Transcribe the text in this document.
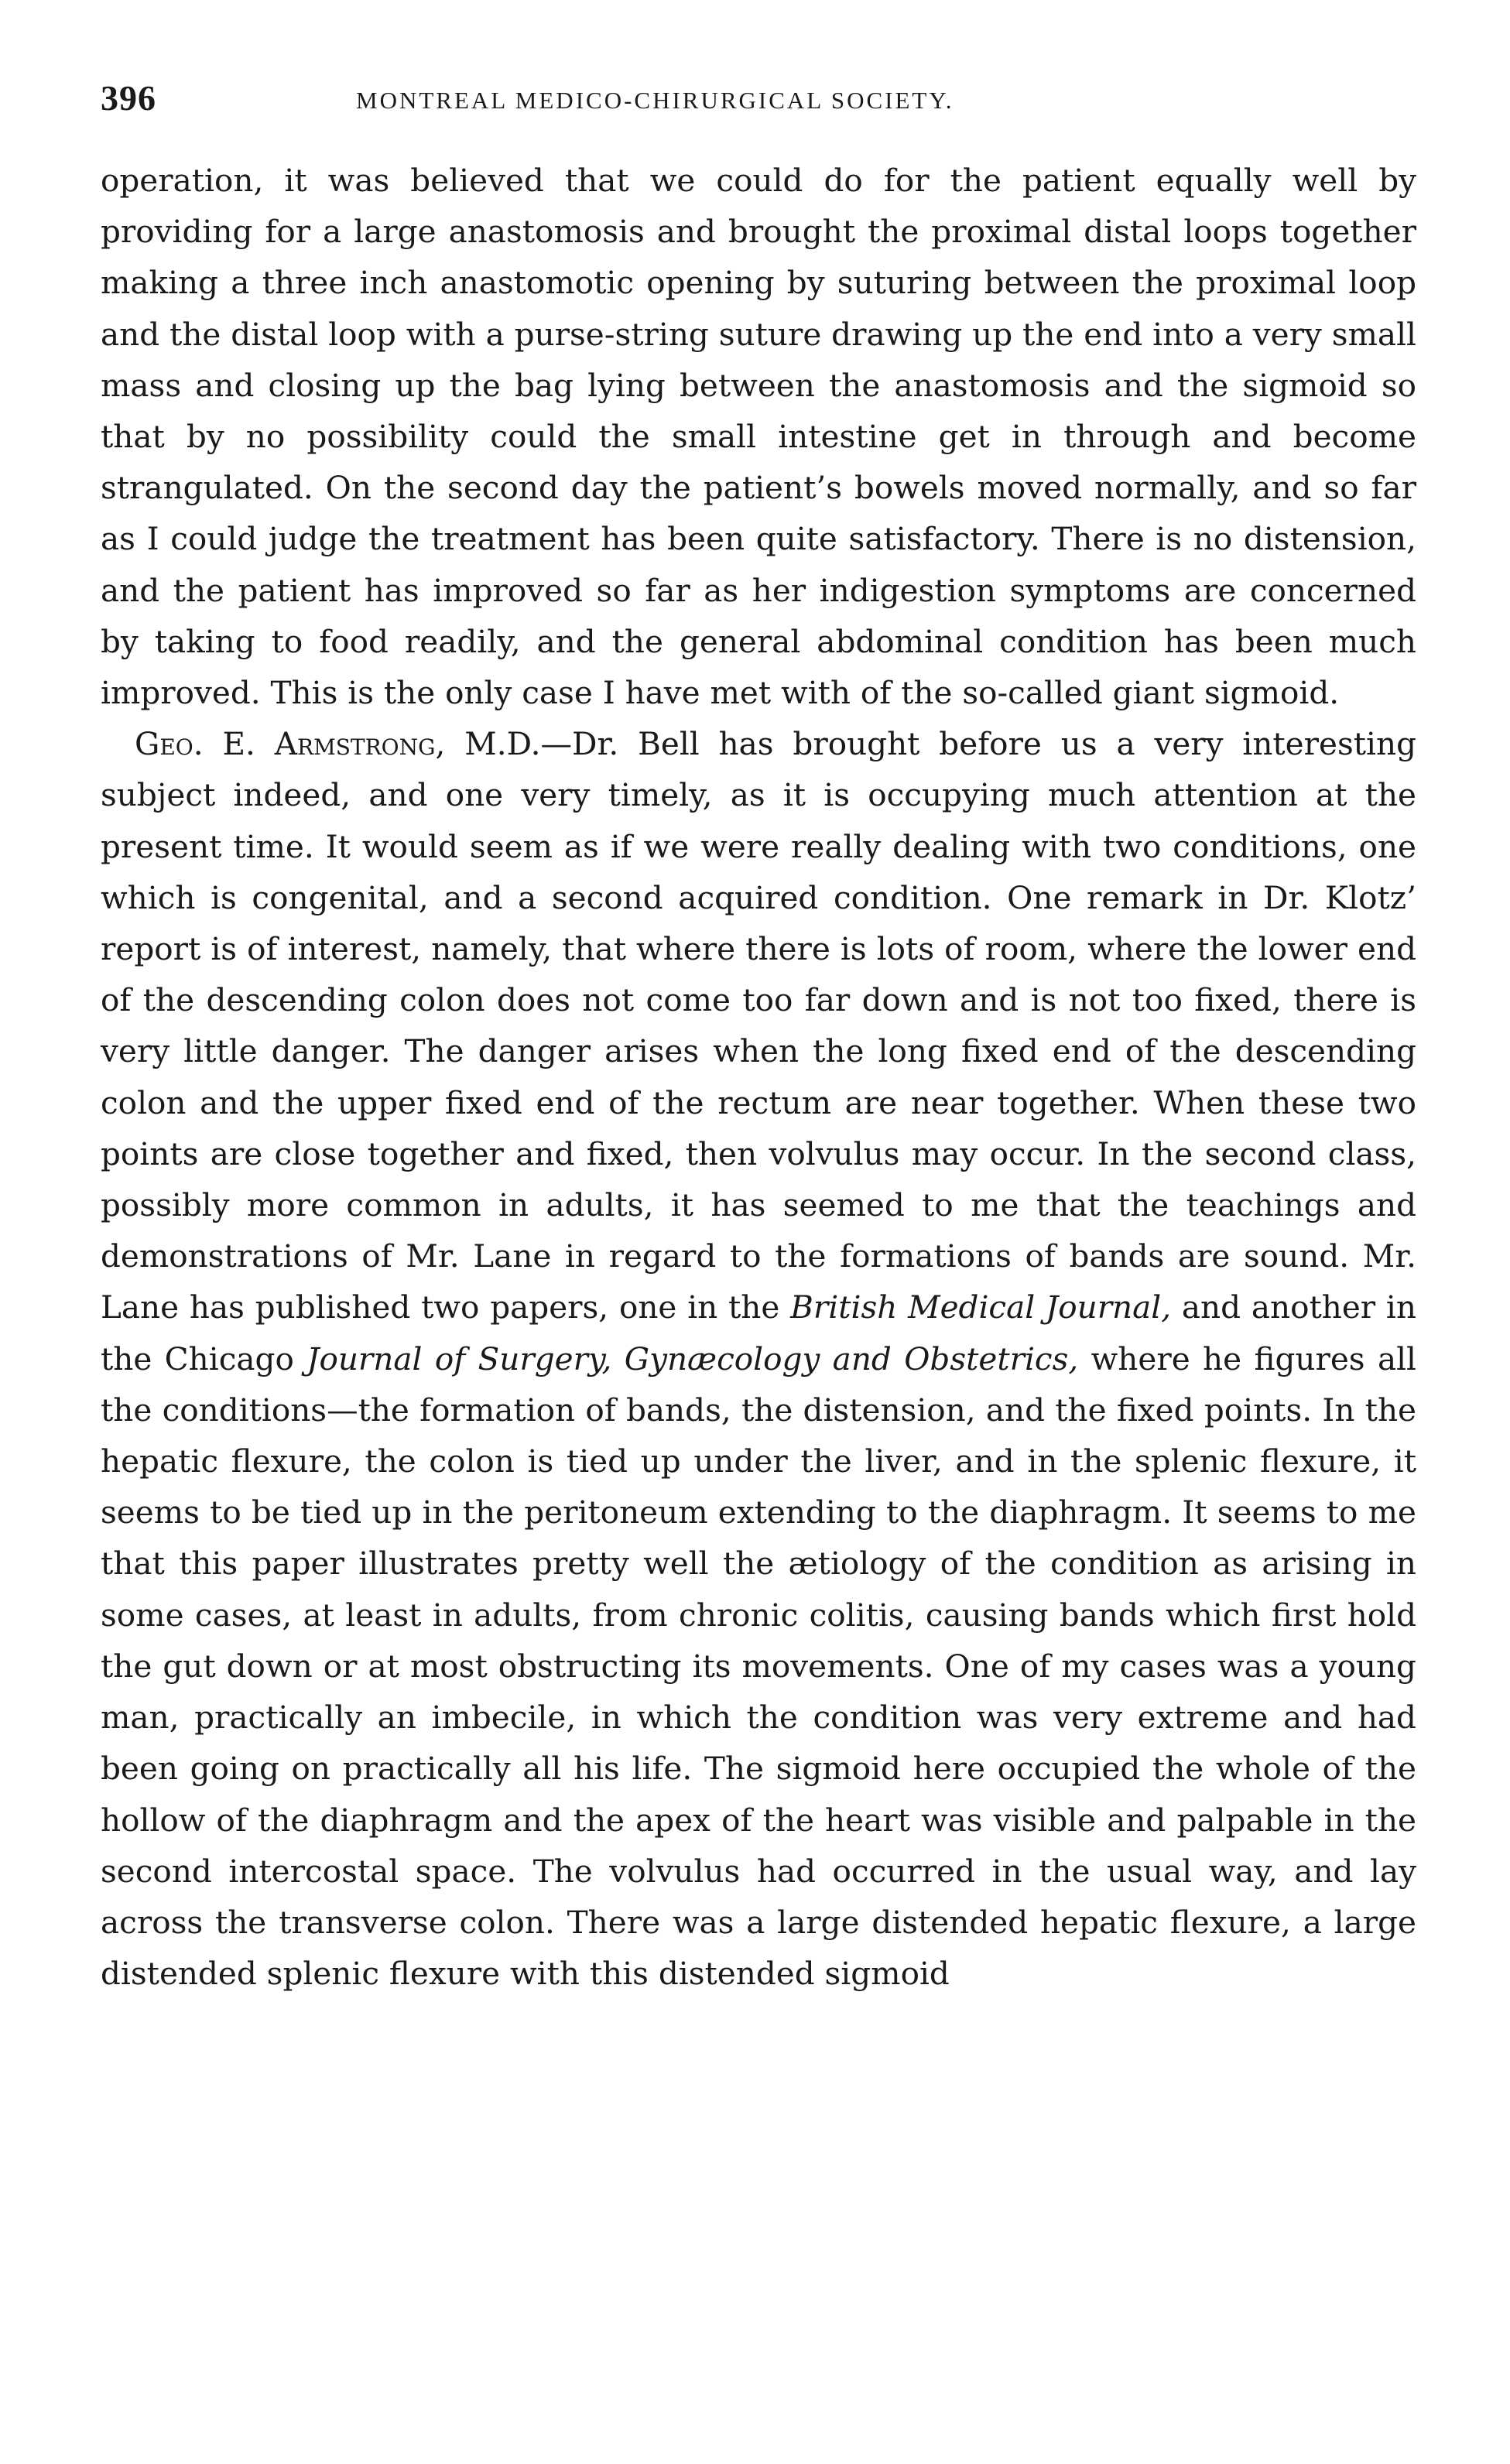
396	MONTREAL MEDICO-CHIRURGICAL SOCIETY.

operation, it was believed that we could do for the patient equally well by providing for a large anastomosis and brought the proximal distal loops together making a three inch anastomotic opening by suturing between the proximal loop and the distal loop with a purse-string suture drawing up the end into a very small mass and closing up the bag lying between the anastomosis and the sigmoid so that by no possibility could the small intestine get in through and become strangulated. On the second day the patient’s bowels moved normally, and so far as I could judge the treatment has been quite satisfactory. There is no distension, and the patient has improved so far as her indigestion symptoms are concerned by taking to food readily, and the general abdominal condition has been much improved. This is the only case I have met with of the so-called giant sigmoid.

Geo. E. Armstrong, M.D.—Dr. Bell has brought before us a very interesting subject indeed, and one very timely, as it is occupying much attention at the present time. It would seem as if we were really dealing with two conditions, one which is congenital, and a second acquired condition. One remark in Dr. Klotz’ report is of interest, namely, that where there is lots of room, where the lower end of the descending colon does not come too far down and is not too fixed, there is very little danger. The danger arises when the long fixed end of the descending colon and the upper fixed end of the rectum are near together. When these two points are close together and fixed, then volvulus may occur. In the second class, possibly more common in adults, it has seemed to me that the teachings and demonstrations of Mr. Lane in regard to the formations of bands are sound. Mr. Lane has published two papers, one in the British Medical Journal, and another in the Chicago Journal of Surgery, Gynæcology and Obstetrics, where he figures all the conditions—the formation of bands, the distension, and the fixed points. In the hepatic flexure, the colon is tied up under the liver, and in the splenic flexure, it seems to be tied up in the peritoneum extending to the diaphragm. It seems to me that this paper illustrates pretty well the ætiology of the condition as arising in some cases, at least in adults, from chronic colitis, causing bands which first hold the gut down or at most obstructing its movements. One of my cases was a young man, practically an imbecile, in which the condition was very extreme and had been going on practically all his life. The sigmoid here occupied the whole of the hollow of the diaphragm and the apex of the heart was visible and palpable in the second intercostal space. The volvulus had occurred in the usual way, and lay across the transverse colon. There was a large distended hepatic flexure, a large distended splenic flexure with this distended sigmoid
